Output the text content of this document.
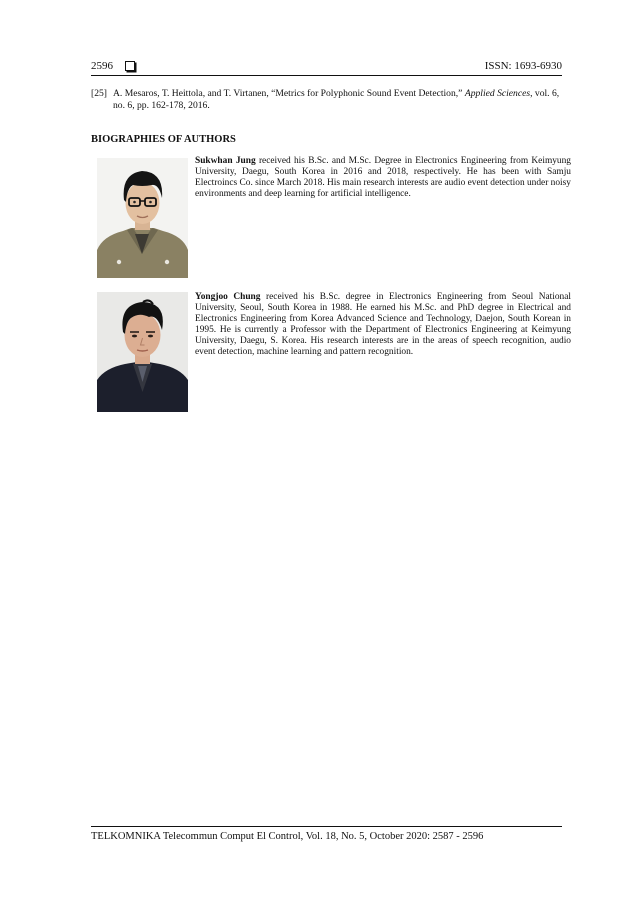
2596	ISSN: 1693-6930
[25] A. Mesaros, T. Heittola, and T. Virtanen, “Metrics for Polyphonic Sound Event Detection,” Applied Sciences, vol. 6, no. 6, pp. 162-178, 2016.
BIOGRAPHIES OF AUTHORS
Sukwhan Jung received his B.Sc. and M.Sc. Degree in Electronics Engineering from Keimyung University, Daegu, South Korea in 2016 and 2018, respectively. He has been with Samju Electroincs Co. since March 2018. His main research interests are audio event detection under noisy environments and deep learning for artificial intelligence.
Yongjoo Chung received his B.Sc. degree in Electronics Engineering from Seoul National University, Seoul, South Korea in 1988. He earned his M.Sc. and PhD degree in Electrical and Electronics Engineering from Korea Advanced Science and Technology, Daejon, South Korean in 1995. He is currently a Professor with the Department of Electronics Engineering at Keimyung University, Daegu, S. Korea. His research interests are in the areas of speech recognition, audio event detection, machine learning and pattern recognition.
TELKOMNIKA Telecommun Comput El Control, Vol. 18, No. 5, October 2020: 2587 - 2596
